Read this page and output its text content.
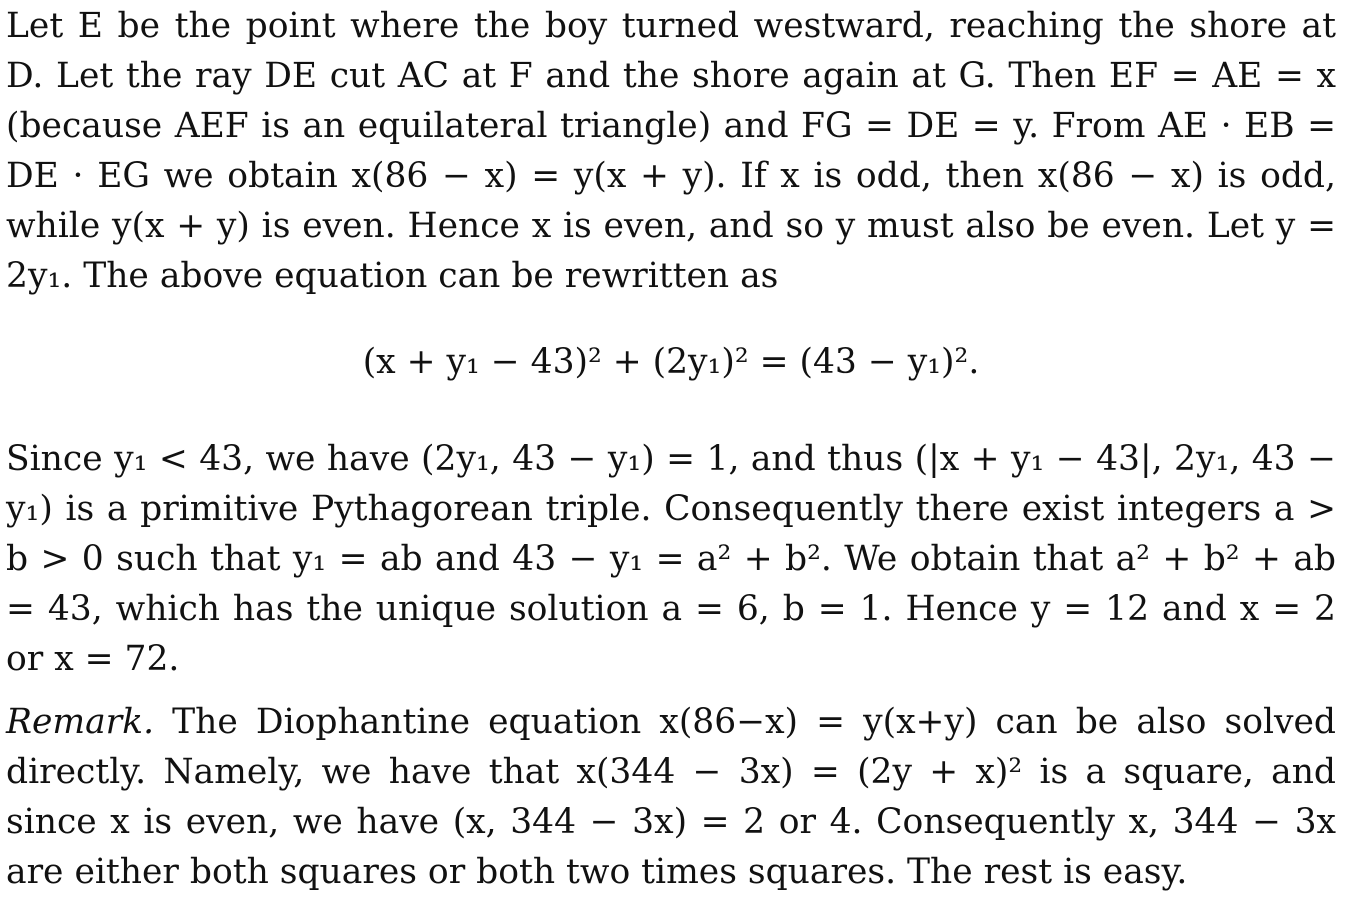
Let E be the point where the boy turned westward, reaching the shore at D. Let the ray DE cut AC at F and the shore again at G. Then EF = AE = x (because AEF is an equilateral triangle) and FG = DE = y. From AE · EB = DE · EG we obtain x(86 − x) = y(x + y). If x is odd, then x(86 − x) is odd, while y(x + y) is even. Hence x is even, and so y must also be even. Let y = 2y₁. The above equation can be rewritten as

(x + y₁ − 43)² + (2y₁)² = (43 − y₁)².

Since y₁ < 43, we have (2y₁, 43 − y₁) = 1, and thus (|x + y₁ − 43|, 2y₁, 43 − y₁) is a primitive Pythagorean triple. Consequently there exist integers a > b > 0 such that y₁ = ab and 43 − y₁ = a² + b². We obtain that a² + b² + ab = 43, which has the unique solution a = 6, b = 1. Hence y = 12 and x = 2 or x = 72.

Remark. The Diophantine equation x(86−x) = y(x+y) can be also solved directly. Namely, we have that x(344 − 3x) = (2y + x)² is a square, and since x is even, we have (x, 344 − 3x) = 2 or 4. Consequently x, 344 − 3x are either both squares or both two times squares. The rest is easy.
